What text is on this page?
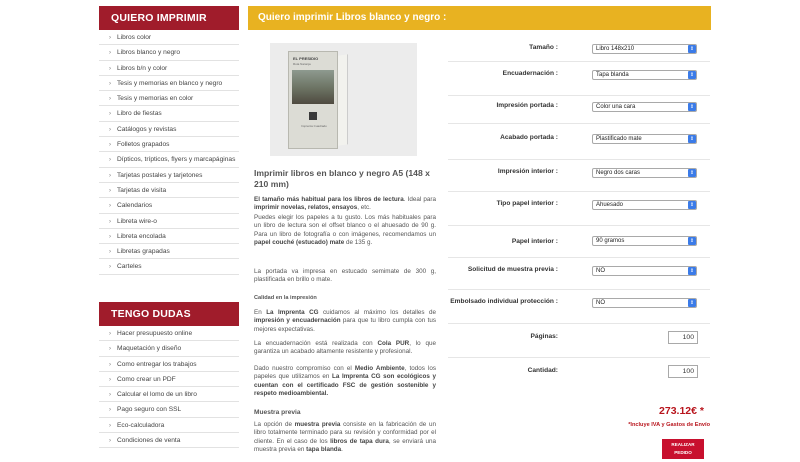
QUIERO IMPRIMIR
› Libros color
› Libros blanco y negro
› Libros b/n y color
› Tesis y memorias en blanco y negro
› Tesis y memorias en color
› Libro de fiestas
› Catálogos y revistas
› Folletos grapados
› Dípticos, trípticos, flyers y marcapáginas
› Tarjetas postales y tarjetones
› Tarjetas de visita
› Calendarios
› Libreta wire-o
› Libreta encolada
› Libretas grapadas
› Carteles
TENGO DUDAS
› Hacer presupuesto online
› Maquetación y diseño
› Como entregar los trabajos
› Como crear un PDF
› Calcular el lomo de un libro
› Pago seguro con SSL
› Eco-calculadora
› Condiciones de venta
Quiero imprimir Libros blanco y negro :
EL PRESIDIO
Ruta Naranja
Imprenta Cuadrado
Imprimir libros en blanco y negro A5 (148 x 210 mm)
El tamaño más habitual para los libros de lectura. Ideal para imprimir novelas, relatos, ensayos, etc.
Puedes elegir los papeles a tu gusto. Los más habituales para un libro de lectura son el offset blanco o el ahuesado de 90 g. Para un libro de fotografía o con imágenes, recomendamos un papel couché (estucado) mate de 135 g.
La portada va impresa en estucado semimate de 300 g, plastificada en brillo o mate.
Calidad en la impresión
En La Imprenta CG cuidamos al máximo los detalles de impresión y encuadernación para que tu libro cumpla con tus mejores expectativas.
La encuadernación está realizada con Cola PUR, lo que garantiza un acabado altamente resistente y profesional.
Dado nuestro compromiso con el Medio Ambiente, todos los papeles que utilizamos en La Imprenta CG son ecológicos y cuentan con el certificado FSC de gestión sostenible y respeto medioambiental.
Muestra previa
La opción de muestra previa consiste en la fabricación de un libro totalmente terminado para su revisión y conformidad por el cliente. En el caso de los libros de tapa dura, se enviará una muestra previa en tapa blanda.
Tamaño :	Libro 148x210	⇕
Encuadernación :	Tapa blanda	⇕
Impresión portada :	Color una cara	⇕
Acabado portada :	Plastificado mate	⇕
Impresión interior :	Negro dos caras	⇕
Tipo papel interior :	Ahuesado	⇕
Papel interior :	90 gramos	⇕
Solicitud de muestra previa :	NO	⇕
Embolsado individual protección :	NO	⇕
Páginas:	100
Cantidad:	100
273.12€ *
*Incluye IVA y Gastos de Envío
REALIZAR
PEDIDO
